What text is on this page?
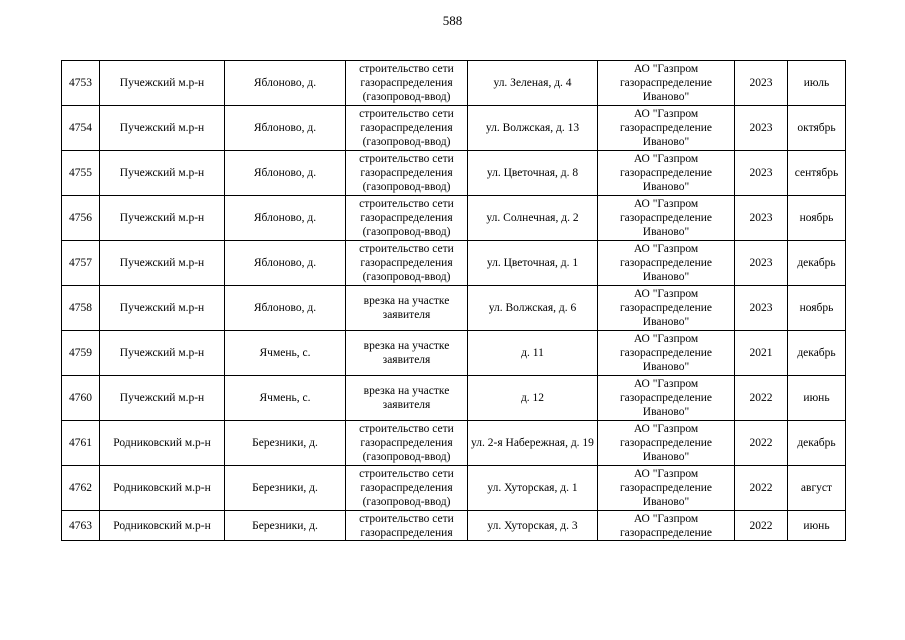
588
4753	Пучежский м.р-н	Яблоново, д.	строительство сети газораспределения (газопровод-ввод)	ул. Зеленая, д. 4	АО "Газпром газораспределение Иваново"	2023	июль
4754	Пучежский м.р-н	Яблоново, д.	строительство сети газораспределения (газопровод-ввод)	ул. Волжская, д. 13	АО "Газпром газораспределение Иваново"	2023	октябрь
4755	Пучежский м.р-н	Яблоново, д.	строительство сети газораспределения (газопровод-ввод)	ул. Цветочная, д. 8	АО "Газпром газораспределение Иваново"	2023	сентябрь
4756	Пучежский м.р-н	Яблоново, д.	строительство сети газораспределения (газопровод-ввод)	ул. Солнечная, д. 2	АО "Газпром газораспределение Иваново"	2023	ноябрь
4757	Пучежский м.р-н	Яблоново, д.	строительство сети газораспределения (газопровод-ввод)	ул. Цветочная, д. 1	АО "Газпром газораспределение Иваново"	2023	декабрь
4758	Пучежский м.р-н	Яблоново, д.	врезка на участке заявителя	ул. Волжская, д. 6	АО "Газпром газораспределение Иваново"	2023	ноябрь
4759	Пучежский м.р-н	Ячмень, с.	врезка на участке заявителя	д. 11	АО "Газпром газораспределение Иваново"	2021	декабрь
4760	Пучежский м.р-н	Ячмень, с.	врезка на участке заявителя	д. 12	АО "Газпром газораспределение Иваново"	2022	июнь
4761	Родниковский м.р-н	Березники, д.	строительство сети газораспределения (газопровод-ввод)	ул. 2-я Набережная, д. 19	АО "Газпром газораспределение Иваново"	2022	декабрь
4762	Родниковский м.р-н	Березники, д.	строительство сети газораспределения (газопровод-ввод)	ул. Хуторская, д. 1	АО "Газпром газораспределение Иваново"	2022	август

4763	Родниковский м.р-н	Березники, д.	строительство сети газораспределения	ул. Хуторская, д. 3	АО "Газпром газораспределение	2022	июнь
